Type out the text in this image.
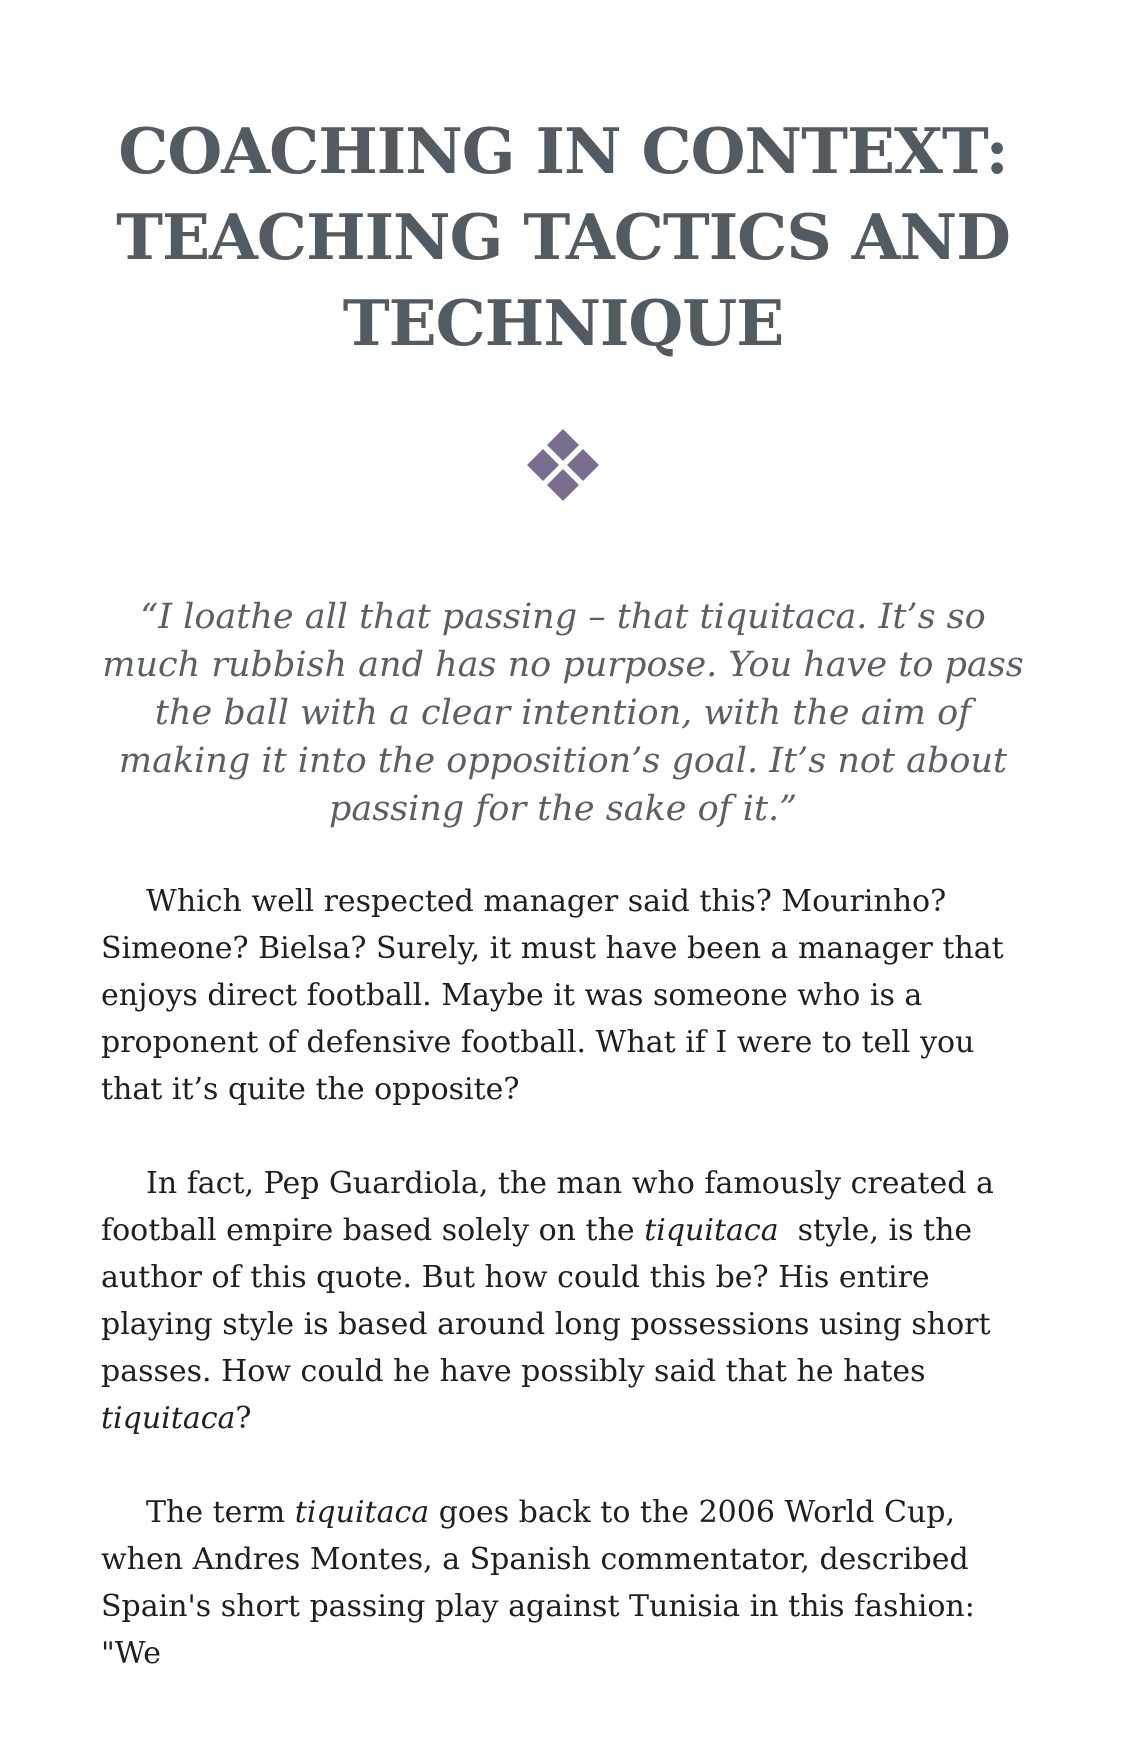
COACHING IN CONTEXT:
TEACHING TACTICS AND
TECHNIQUE

“I loathe all that passing – that tiquitaca. It’s so much rubbish and has no purpose. You have to pass the ball with a clear intention, with the aim of making it into the opposition’s goal. It’s not about passing for the sake of it.”

Which well respected manager said this? Mourinho? Simeone? Bielsa? Surely, it must have been a manager that enjoys direct football. Maybe it was someone who is a proponent of defensive football. What if I were to tell you that it’s quite the opposite?

In fact, Pep Guardiola, the man who famously created a football empire based solely on the tiquitaca  style, is the author of this quote. But how could this be? His entire playing style is based around long possessions using short passes. How could he have possibly said that he hates tiquitaca?

The term tiquitaca goes back to the 2006 World Cup, when Andres Montes, a Spanish commentator, described Spain's short passing play against Tunisia in this fashion: "We
